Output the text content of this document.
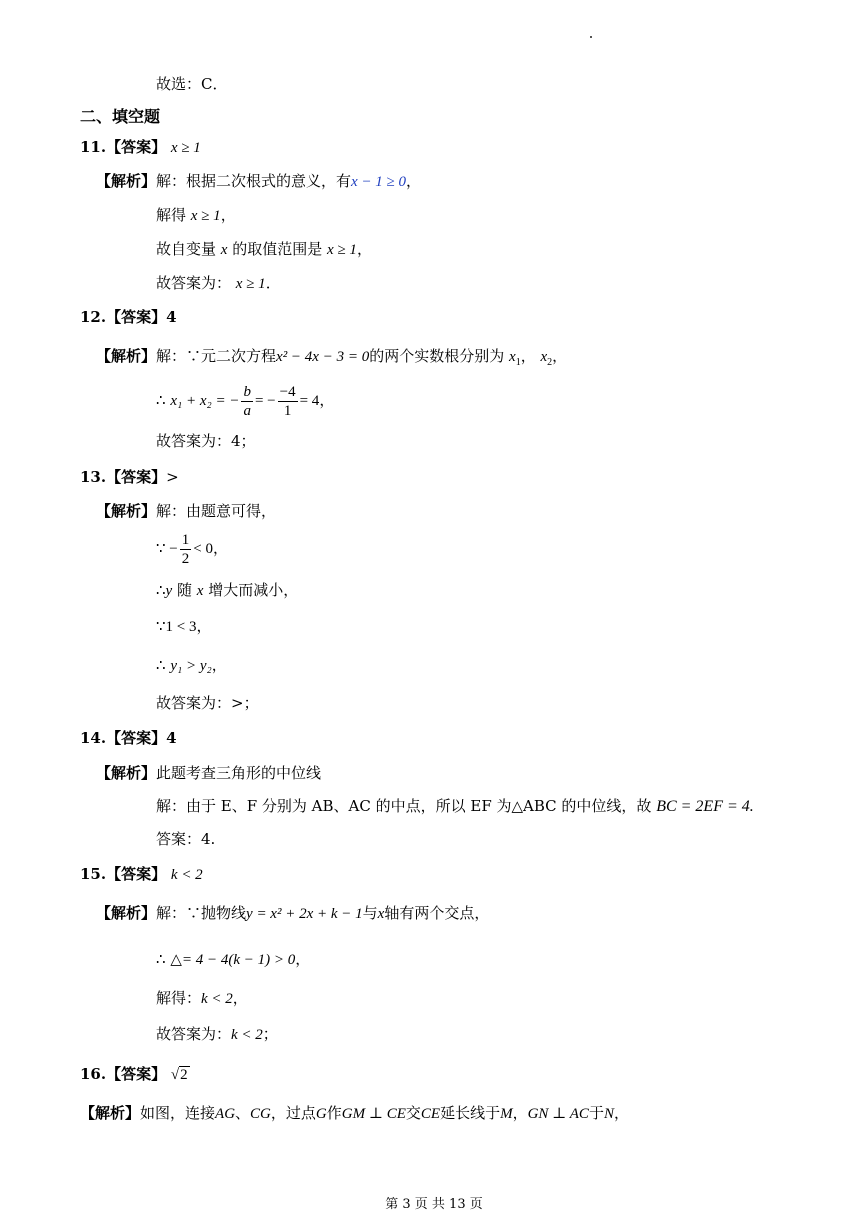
故选：C．
二、填空题
11.【答案】 x ≥ 1
【解析】解：根据二次根式的意义，有x − 1 ≥ 0，
解得 x ≥ 1，
故自变量 x 的取值范围是 x ≥ 1，
故答案为： x ≥ 1．
12.【答案】4
【解析】解：∵元二次方程x² − 4x − 3 = 0的两个实数根分别为 $x_1$， $x_2$，
∴ x₁ + x₂ = − $\frac{b}{a}$ = − $\frac{-4}{1} = 4$，
故答案为：4；
13.【答案】>
【解析】解：由题意可得，
∵ − $\frac{1}{2} < 0$，
∴y 随 x 增大而减小，
∵1 < 3，
∴ y₁ > y₂，
故答案为：>；
14.【答案】4
【解析】此题考查三角形的中位线
解：由于 E、F 分别为 AB、AC 的中点，所以 EF 为△ABC 的中位线，故 BC = 2EF = 4.
答案：4.
15.【答案】 k < 2
【解析】解：∵抛物线y = x² + 2x + k − 1与x轴有两个交点，
∴ △= 4 − 4(k − 1) > 0，
解得：k < 2，
故答案为：k < 2；
16.【答案】 √2
【解析】如图，连接AG、CG，过点G作GM ⊥ CE交CE延长线于M，GN ⊥ AC于N，
第 3 页 共 13 页
